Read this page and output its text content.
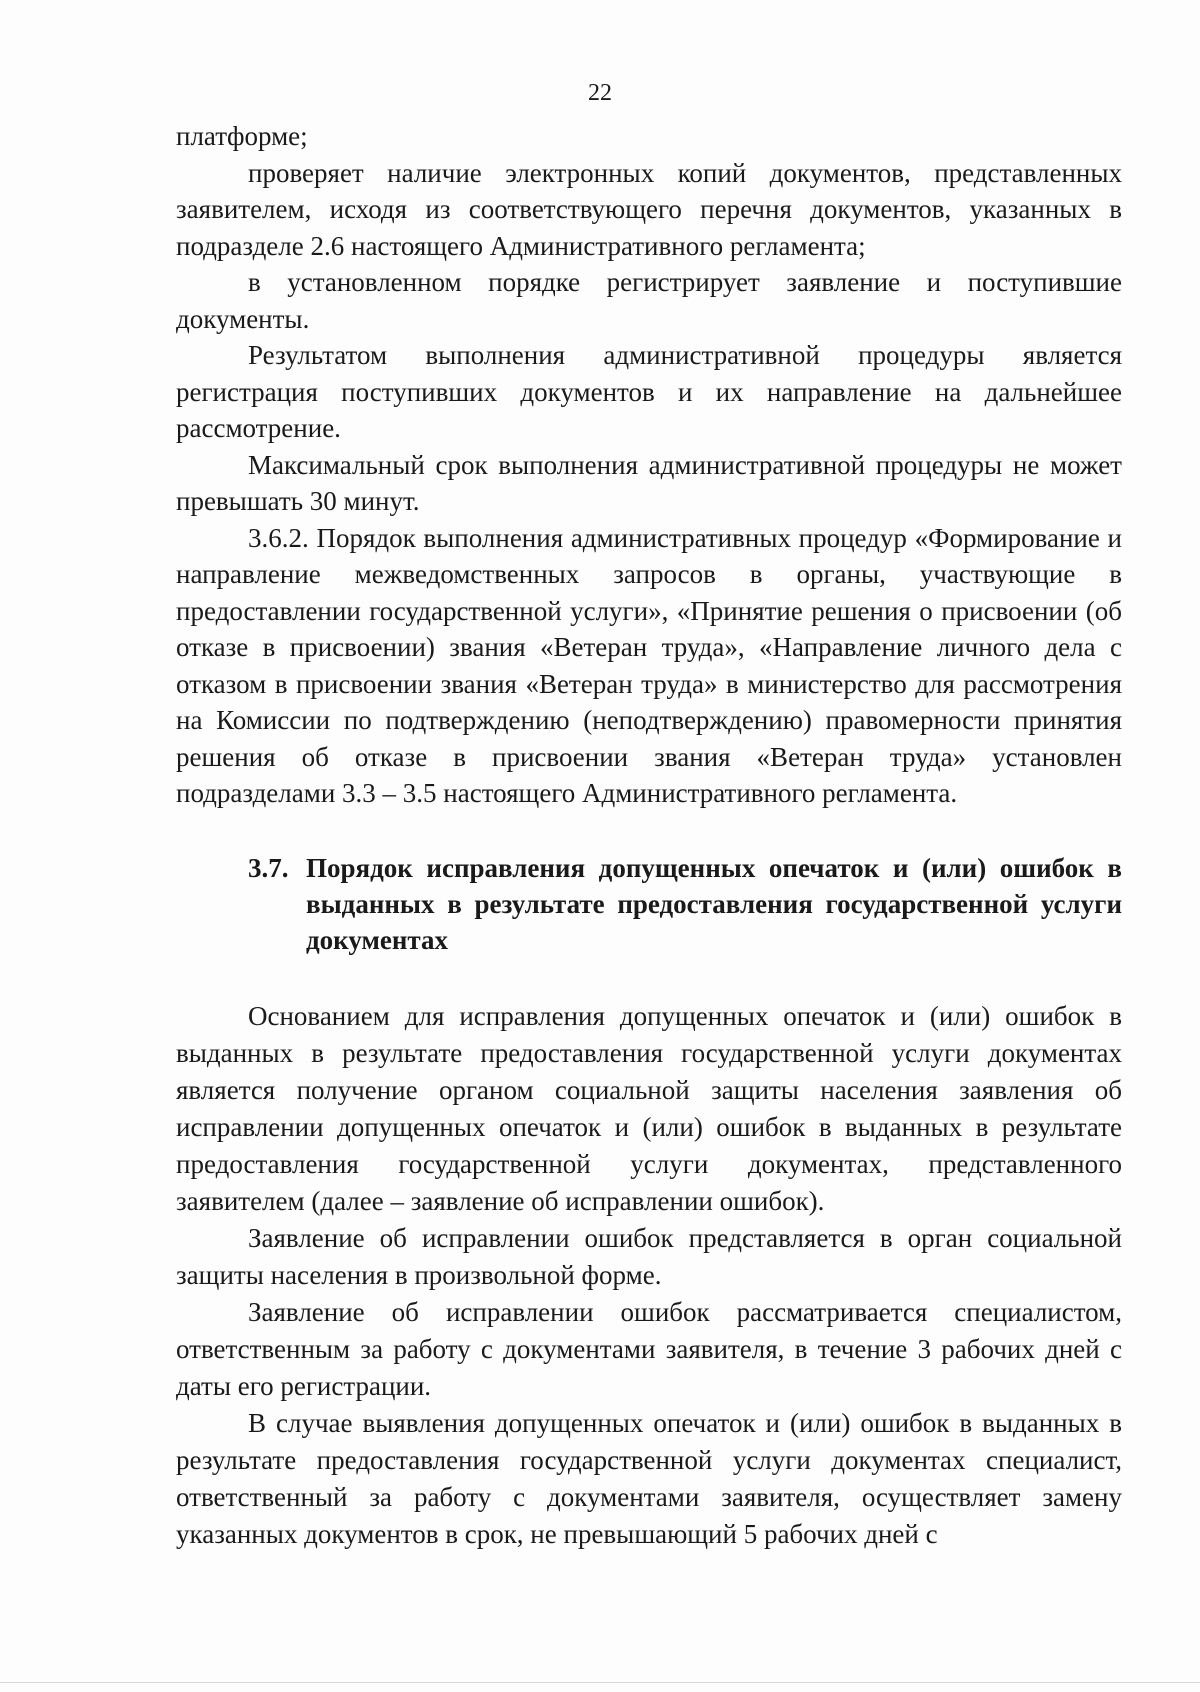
22

платформе;

проверяет наличие электронных копий документов, представленных заявителем, исходя из соответствующего перечня документов, указанных в подразделе 2.6 настоящего Административного регламента;

в установленном порядке регистрирует заявление и поступившие документы.

Результатом выполнения административной процедуры является регистрация поступивших документов и их направление на дальнейшее рассмотрение.

Максимальный срок выполнения административной процедуры не может превышать 30 минут.

3.6.2. Порядок выполнения административных процедур «Формирование и направление межведомственных запросов в органы, участвующие в предоставлении государственной услуги», «Принятие решения о присвоении (об отказе в присвоении) звания «Ветеран труда», «Направление личного дела с отказом в присвоении звания «Ветеран труда» в министерство для рассмотрения на Комиссии по подтверждению (неподтверждению) правомерности принятия решения об отказе в присвоении звания «Ветеран труда» установлен подразделами 3.3 – 3.5 настоящего Административного регламента.

3.7. Порядок исправления допущенных опечаток и (или) ошибок в выданных в результате предоставления государственной услуги документах

Основанием для исправления допущенных опечаток и (или) ошибок в выданных в результате предоставления государственной услуги документах является получение органом социальной защиты населения заявления об исправлении допущенных опечаток и (или) ошибок в выданных в результате предоставления государственной услуги документах, представленного заявителем (далее – заявление об исправлении ошибок).

Заявление об исправлении ошибок представляется в орган социальной защиты населения в произвольной форме.

Заявление об исправлении ошибок рассматривается специалистом, ответственным за работу с документами заявителя, в течение 3 рабочих дней с даты его регистрации.

В случае выявления допущенных опечаток и (или) ошибок в выданных в результате предоставления государственной услуги документах специалист, ответственный за работу с документами заявителя, осуществляет замену указанных документов в срок, не превышающий 5 рабочих дней с
